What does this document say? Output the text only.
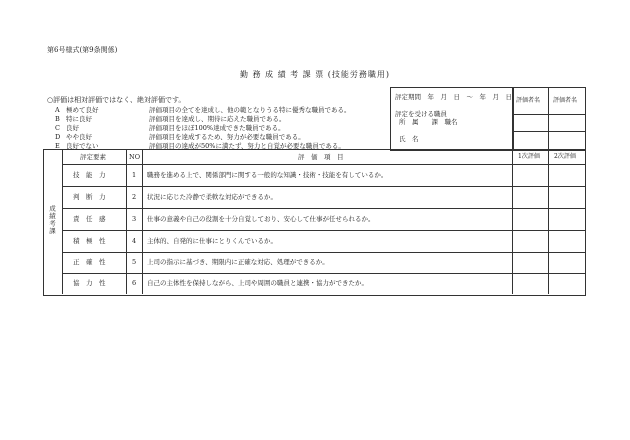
第6号様式(第9条関係)
勤 務 成 績 考 課 票 (技能労務職用)
○評価は相対評価ではなく、絶対評価です。
A 極めて良好	評価項目の全てを達成し、他の範となりうる特に優秀な職員である。
B 特に良好	評価項目を達成し、期待に応えた職員である。
C 良好	評価項目をほぼ100%達成できた職員である。
D やや良好	評価項目を達成するため、努力が必要な職員である。
E 良好でない	評価項目の達成が50%に満たず、努力と自覚が必要な職員である。
評定期間　年　月　日　～　年　月　日
評定を受ける職員
所　属　　課　職名
氏　名
評価者名 評価者名
成績考課
評定要素	NO	評　価　項　目	1次評価 2次評価
技　能　力	1 職務を進める上で、関係部門に関する一般的な知識・技術・技能を有しているか。
判　断　力	2 状況に応じた冷静で柔軟な対応ができるか。
責　任　感	3 仕事の意義や自己の役割を十分自覚しており、安心して仕事が任せられるか。
積　極　性	4 主体的、自発的に仕事にとりくんでいるか。
正　確　性	5 上司の指示に基づき、期限内に正確な対応、処理ができるか。
協　力　性	6 自己の主体性を保持しながら、上司や周囲の職員と連携・協力ができたか。
